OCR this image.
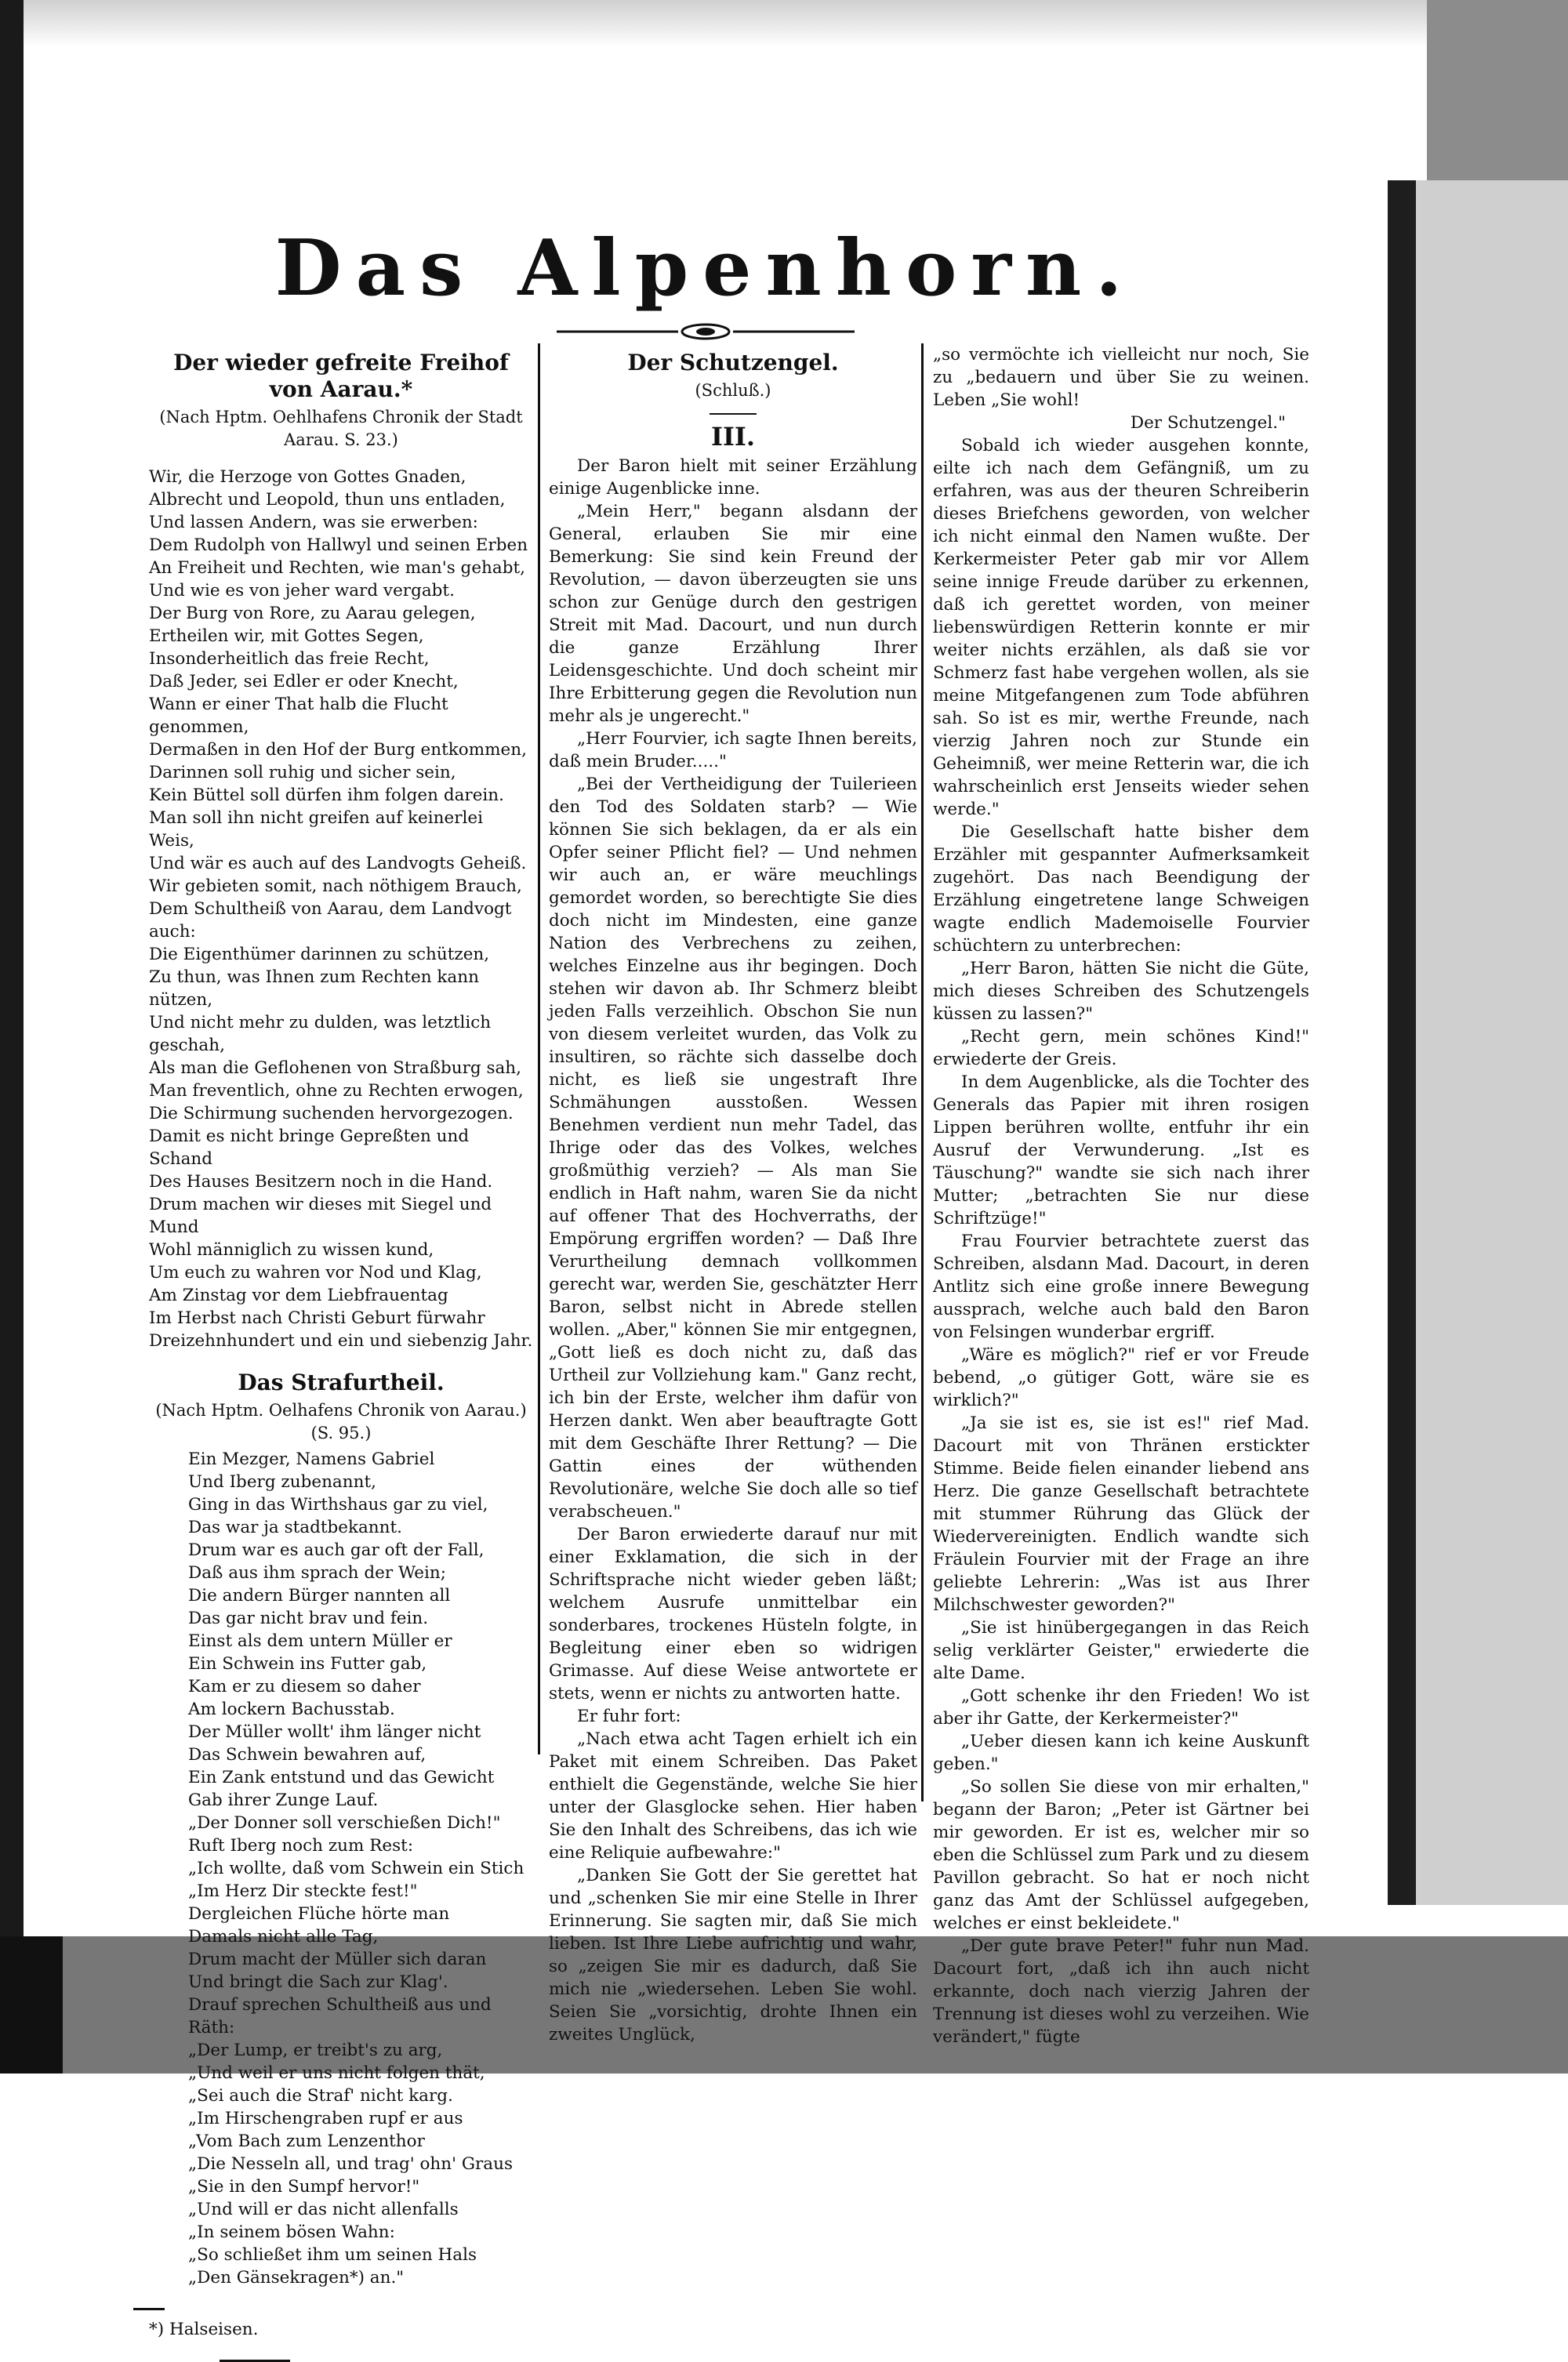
Das Alpenhorn.
Der wieder gefreite Freihof von Aarau.*

(Nach Hptm. Oehlhafens Chronik der Stadt Aarau. S. 23.)

Wir, die Herzoge von Gottes Gnaden,

Albrecht und Leopold, thun uns entladen,

Und lassen Andern, was sie erwerben:

Dem Rudolph von Hallwyl und seinen Erben

An Freiheit und Rechten, wie man's gehabt,

Und wie es von jeher ward vergabt.

Der Burg von Rore, zu Aarau gelegen,

Ertheilen wir, mit Gottes Segen,

Insonderheitlich das freie Recht,

Daß Jeder, sei Edler er oder Knecht,

Wann er einer That halb die Flucht genommen,

Dermaßen in den Hof der Burg entkommen,

Darinnen soll ruhig und sicher sein,

Kein Büttel soll dürfen ihm folgen darein.

Man soll ihn nicht greifen auf keinerlei Weis,

Und wär es auch auf des Landvogts Geheiß.

Wir gebieten somit, nach nöthigem Brauch,

Dem Schultheiß von Aarau, dem Landvogt

auch:

Die Eigenthümer darinnen zu schützen,

Zu thun, was Ihnen zum Rechten kann nützen,

Und nicht mehr zu dulden, was letztlich geschah,

Als man die Geflohenen von Straßburg sah,

Man freventlich, ohne zu Rechten erwogen,

Die Schirmung suchenden hervorgezogen.

Damit es nicht bringe Gepreßten und Schand

Des Hauses Besitzern noch in die Hand.

Drum machen wir dieses mit Siegel und Mund

Wohl männiglich zu wissen kund,

Um euch zu wahren vor Nod und Klag,

Am Zinstag vor dem Liebfrauentag

Im Herbst nach Christi Geburt fürwahr

Dreizehnhundert und ein und siebenzig Jahr.

Das Strafurtheil.

(Nach Hptm. Oelhafens Chronik von Aarau.) (S. 95.)

Ein Mezger, Namens Gabriel

Und Iberg zubenannt,

Ging in das Wirthshaus gar zu viel,

Das war ja stadtbekannt.

Drum war es auch gar oft der Fall,

Daß aus ihm sprach der Wein;

Die andern Bürger nannten all

Das gar nicht brav und fein.

Einst als dem untern Müller er

Ein Schwein ins Futter gab,

Kam er zu diesem so daher

Am lockern Bachusstab.

Der Müller wollt' ihm länger nicht

Das Schwein bewahren auf,

Ein Zank entstund und das Gewicht

Gab ihrer Zunge Lauf.

„Der Donner soll verschießen Dich!"

Ruft Iberg noch zum Rest:

„Ich wollte, daß vom Schwein ein Stich

„Im Herz Dir steckte fest!"

Dergleichen Flüche hörte man

Damals nicht alle Tag,

Drum macht der Müller sich daran

Und bringt die Sach zur Klag'.

Drauf sprechen Schultheiß aus und Räth:

„Der Lump, er treibt's zu arg,

„Und weil er uns nicht folgen thät,

„Sei auch die Straf' nicht karg.

„Im Hirschengraben rupf er aus

„Vom Bach zum Lenzenthor

„Die Nesseln all, und trag' ohn' Graus

„Sie in den Sumpf hervor!"

„Und will er das nicht allenfalls

„In seinem bösen Wahn:

„So schließet ihm um seinen Hals

„Den Gänsekragen*) an."

*) Halseisen.

Der Schutzengel.

(Schluß.)

III.

Der Baron hielt mit seiner Erzählung einige Augenblicke inne.

„Mein Herr," begann alsdann der General, erlauben Sie mir eine Bemerkung: Sie sind kein Freund der Revolution, — davon überzeugten sie uns schon zur Genüge durch den gestrigen Streit mit Mad. Dacourt, und nun durch die ganze Erzählung Ihrer Leidensgeschichte. Und doch scheint mir Ihre Erbitterung gegen die Revolution nun mehr als je ungerecht."

„Herr Fourvier, ich sagte Ihnen bereits, daß mein Bruder....."

„Bei der Vertheidigung der Tuilerieen den Tod des Soldaten starb? — Wie können Sie sich beklagen, da er als ein Opfer seiner Pflicht fiel? — Und nehmen wir auch an, er wäre meuchlings gemordet worden, so berechtigte Sie dies doch nicht im Mindesten, eine ganze Nation des Verbrechens zu zeihen, welches Einzelne aus ihr begingen. Doch stehen wir davon ab. Ihr Schmerz bleibt jeden Falls verzeihlich. Obschon Sie nun von diesem verleitet wurden, das Volk zu insultiren, so rächte sich dasselbe doch nicht, es ließ sie ungestraft Ihre Schmähungen ausstoßen. Wessen Benehmen verdient nun mehr Tadel, das Ihrige oder das des Volkes, welches großmüthig verzieh? — Als man Sie endlich in Haft nahm, waren Sie da nicht auf offener That des Hochverraths, der Empörung ergriffen worden? — Daß Ihre Verurtheilung demnach vollkommen gerecht war, werden Sie, geschätzter Herr Baron, selbst nicht in Abrede stellen wollen. „Aber," können Sie mir entgegnen, „Gott ließ es doch nicht zu, daß das Urtheil zur Vollziehung kam." Ganz recht, ich bin der Erste, welcher ihm dafür von Herzen dankt. Wen aber beauftragte Gott mit dem Geschäfte Ihrer Rettung? — Die Gattin eines der wüthenden Revolutionäre, welche Sie doch alle so tief verabscheuen."

Der Baron erwiederte darauf nur mit einer Exklamation, die sich in der Schriftsprache nicht wieder geben läßt; welchem Ausrufe unmittelbar ein sonderbares, trockenes Hüsteln folgte, in Begleitung einer eben so widrigen Grimasse. Auf diese Weise antwortete er stets, wenn er nichts zu antworten hatte.

Er fuhr fort:

„Nach etwa acht Tagen erhielt ich ein Paket mit einem Schreiben. Das Paket enthielt die Gegenstände, welche Sie hier unter der Glasglocke sehen. Hier haben Sie den Inhalt des Schreibens, das ich wie eine Reliquie aufbewahre:"

„Danken Sie Gott der Sie gerettet hat und „schenken Sie mir eine Stelle in Ihrer Erinnerung. Sie sagten mir, daß Sie mich lieben. Ist Ihre Liebe aufrichtig und wahr, so „zeigen Sie mir es dadurch, daß Sie mich nie „wiedersehen. Leben Sie wohl. Seien Sie „vorsichtig, drohte Ihnen ein zweites Unglück,

„so vermöchte ich vielleicht nur noch, Sie zu „bedauern und über Sie zu weinen. Leben „Sie wohl!

Der Schutzengel."

Sobald ich wieder ausgehen konnte, eilte ich nach dem Gefängniß, um zu erfahren, was aus der theuren Schreiberin dieses Briefchens geworden, von welcher ich nicht einmal den Namen wußte. Der Kerkermeister Peter gab mir vor Allem seine innige Freude darüber zu erkennen, daß ich gerettet worden, von meiner liebenswürdigen Retterin konnte er mir weiter nichts erzählen, als daß sie vor Schmerz fast habe vergehen wollen, als sie meine Mitgefangenen zum Tode abführen sah. So ist es mir, werthe Freunde, nach vierzig Jahren noch zur Stunde ein Geheimniß, wer meine Retterin war, die ich wahrscheinlich erst Jenseits wieder sehen werde."

Die Gesellschaft hatte bisher dem Erzähler mit gespannter Aufmerksamkeit zugehört. Das nach Beendigung der Erzählung eingetretene lange Schweigen wagte endlich Mademoiselle Fourvier schüchtern zu unterbrechen:

„Herr Baron, hätten Sie nicht die Güte, mich dieses Schreiben des Schutzengels küssen zu lassen?"

„Recht gern, mein schönes Kind!" erwiederte der Greis.

In dem Augenblicke, als die Tochter des Generals das Papier mit ihren rosigen Lippen berühren wollte, entfuhr ihr ein Ausruf der Verwunderung. „Ist es Täuschung?" wandte sie sich nach ihrer Mutter; „betrachten Sie nur diese Schriftzüge!"

Frau Fourvier betrachtete zuerst das Schreiben, alsdann Mad. Dacourt, in deren Antlitz sich eine große innere Bewegung aussprach, welche auch bald den Baron von Felsingen wunderbar ergriff.

„Wäre es möglich?" rief er vor Freude bebend, „o gütiger Gott, wäre sie es wirklich?"

„Ja sie ist es, sie ist es!" rief Mad. Dacourt mit von Thränen erstickter Stimme. Beide fielen einander liebend ans Herz. Die ganze Gesellschaft betrachtete mit stummer Rührung das Glück der Wiedervereinigten. Endlich wandte sich Fräulein Fourvier mit der Frage an ihre geliebte Lehrerin: „Was ist aus Ihrer Milchschwester geworden?"

„Sie ist hinübergegangen in das Reich selig verklärter Geister," erwiederte die alte Dame.

„Gott schenke ihr den Frieden! Wo ist aber ihr Gatte, der Kerkermeister?"

„Ueber diesen kann ich keine Auskunft geben."

„So sollen Sie diese von mir erhalten," begann der Baron; „Peter ist Gärtner bei mir geworden. Er ist es, welcher mir so eben die Schlüssel zum Park und zu diesem Pavillon gebracht. So hat er noch nicht ganz das Amt der Schlüssel aufgegeben, welches er einst bekleidete."

„Der gute brave Peter!" fuhr nun Mad. Dacourt fort, „daß ich ihn auch nicht erkannte, doch nach vierzig Jahren der Trennung ist dieses wohl zu verzeihen. Wie verändert," fügte
